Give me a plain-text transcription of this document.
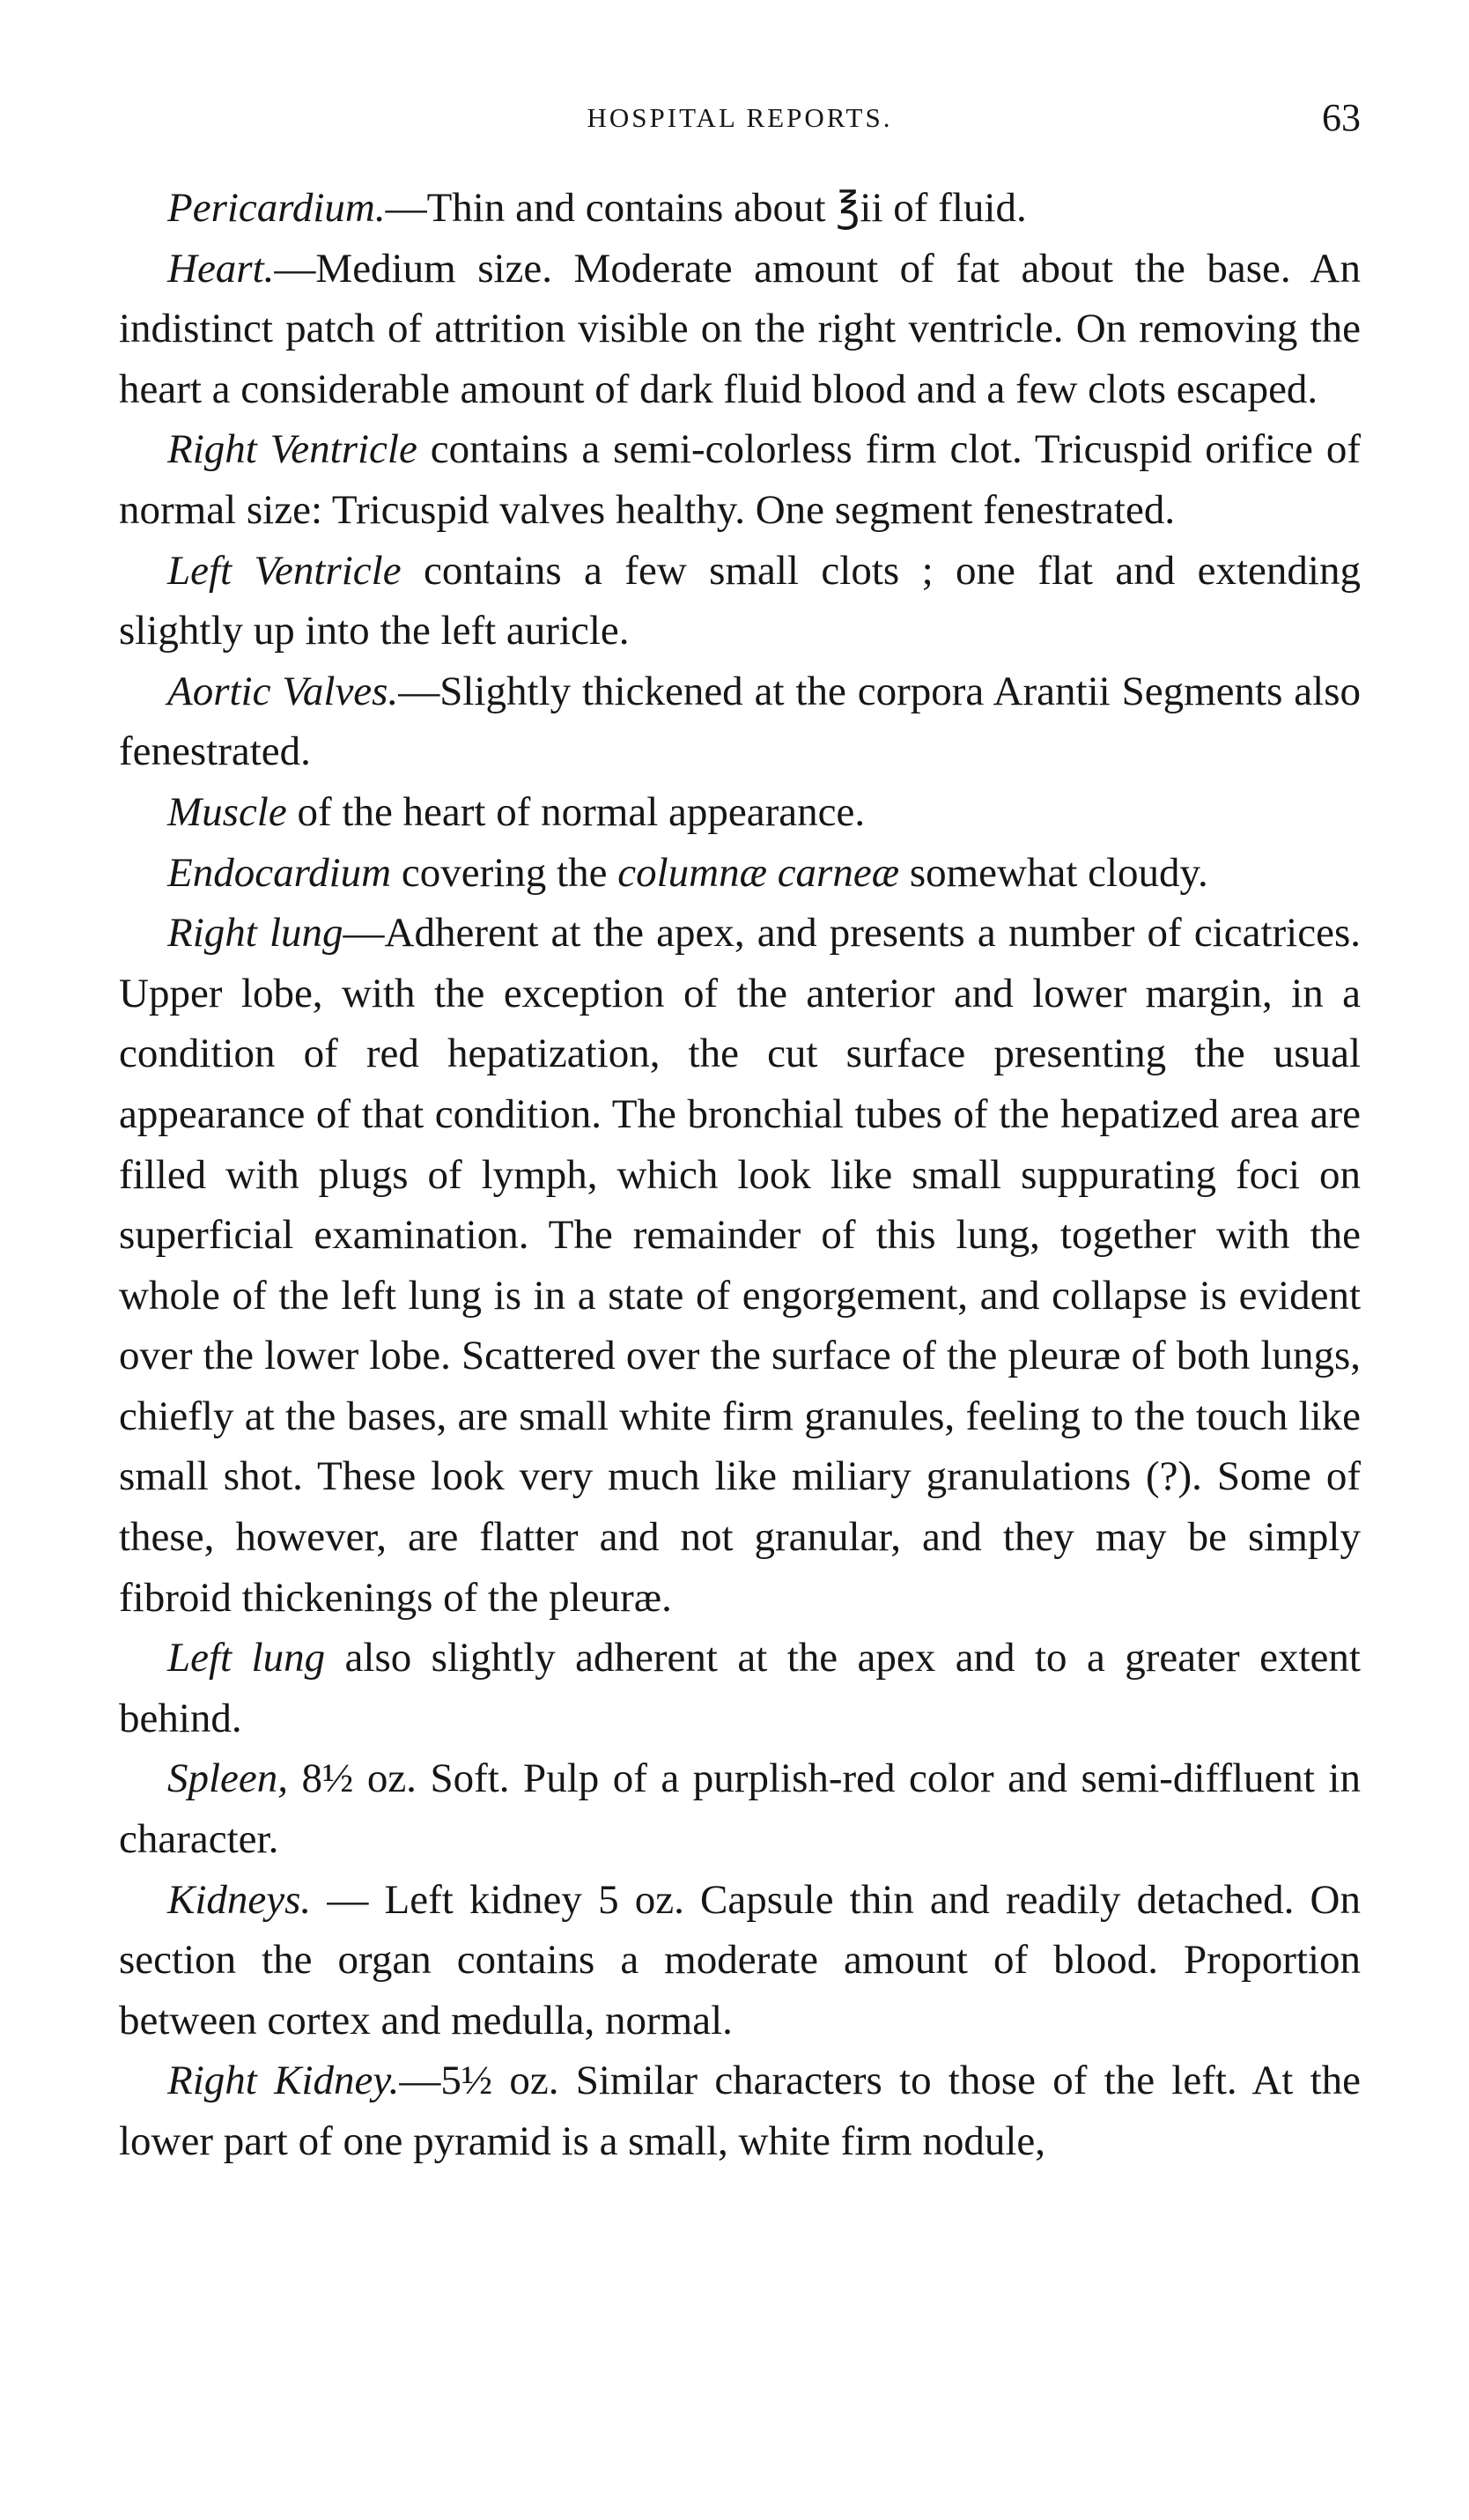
HOSPITAL REPORTS.	63

Pericardium.—Thin and contains about ℥ii of fluid.

Heart.—Medium size. Moderate amount of fat about the base. An indistinct patch of attrition visible on the right ventricle. On removing the heart a considerable amount of dark fluid blood and a few clots escaped.

Right Ventricle contains a semi-colorless firm clot. Tricuspid orifice of normal size: Tricuspid valves healthy. One segment fenestrated.

Left Ventricle contains a few small clots ; one flat and extending slightly up into the left auricle.

Aortic Valves.—Slightly thickened at the corpora Arantii Segments also fenestrated.

Muscle of the heart of normal appearance.

Endocardium covering the columnæ carneæ somewhat cloudy.

Right lung—Adherent at the apex, and presents a number of cicatrices. Upper lobe, with the exception of the anterior and lower margin, in a condition of red hepatization, the cut surface presenting the usual appearance of that condition. The bronchial tubes of the hepatized area are filled with plugs of lymph, which look like small suppurating foci on superficial examination. The remainder of this lung, together with the whole of the left lung is in a state of engorgement, and collapse is evident over the lower lobe. Scattered over the surface of the pleuræ of both lungs, chiefly at the bases, are small white firm granules, feeling to the touch like small shot. These look very much like miliary granulations (?). Some of these, however, are flatter and not granular, and they may be simply fibroid thickenings of the pleuræ.

Left lung also slightly adherent at the apex and to a greater extent behind.

Spleen, 8½ oz. Soft. Pulp of a purplish-red color and semi-diffluent in character.

Kidneys. — Left kidney 5 oz. Capsule thin and readily detached. On section the organ contains a moderate amount of blood. Proportion between cortex and medulla, normal.

Right Kidney.—5½ oz. Similar characters to those of the left. At the lower part of one pyramid is a small, white firm nodule,
